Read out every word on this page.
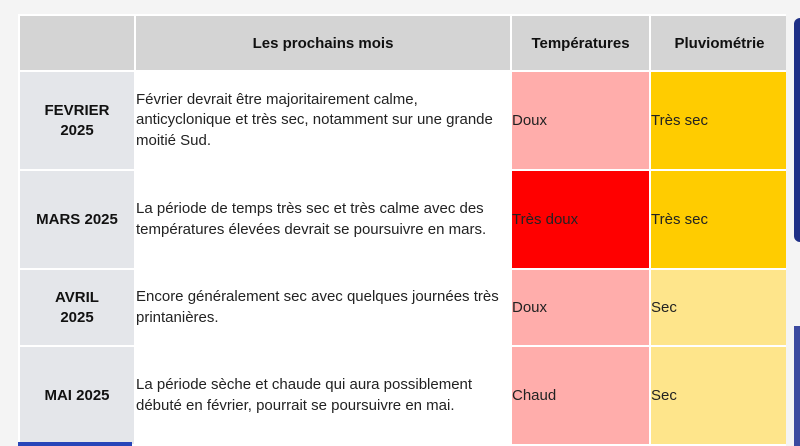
	Les prochains mois	Températures	Pluviométrie
FEVRIER 2025	Février devrait être majoritairement calme, anticyclonique et très sec, notamment sur une grande moitié Sud.	Doux	Très sec
MARS 2025	La période de temps très sec et très calme avec des températures élevées devrait se poursuivre en mars.	Très doux	Très sec
AVRIL 2025	Encore généralement sec avec quelques journées très printanières.	Doux	Sec
MAI 2025	La période sèche et chaude qui aura possiblement débuté en février, pourrait se poursuivre en mai.	Chaud	Sec
